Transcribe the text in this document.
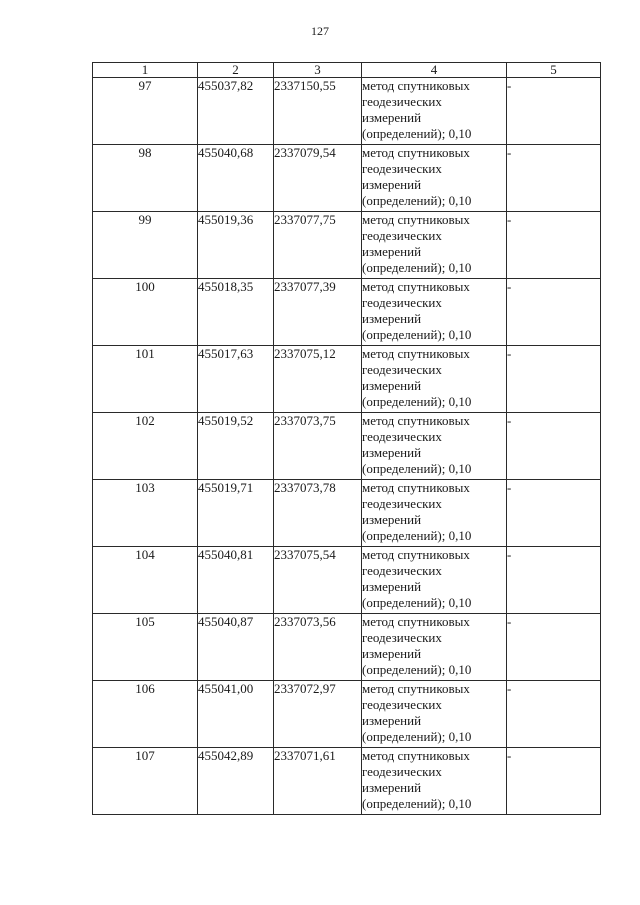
127
1	2	3	4	5
97	455037,82	2337150,55	метод спутниковых
геодезических
измерений
(определений); 0,10	-
98	455040,68	2337079,54	метод спутниковых
геодезических
измерений
(определений); 0,10	-
99	455019,36	2337077,75	метод спутниковых
геодезических
измерений
(определений); 0,10	-
100	455018,35	2337077,39	метод спутниковых
геодезических
измерений
(определений); 0,10	-
101	455017,63	2337075,12	метод спутниковых
геодезических
измерений
(определений); 0,10	-
102	455019,52	2337073,75	метод спутниковых
геодезических
измерений
(определений); 0,10	-
103	455019,71	2337073,78	метод спутниковых
геодезических
измерений
(определений); 0,10	-
104	455040,81	2337075,54	метод спутниковых
геодезических
измерений
(определений); 0,10	-
105	455040,87	2337073,56	метод спутниковых
геодезических
измерений
(определений); 0,10	-
106	455041,00	2337072,97	метод спутниковых
геодезических
измерений
(определений); 0,10	-
107	455042,89	2337071,61	метод спутниковых
геодезических
измерений
(определений); 0,10	-
